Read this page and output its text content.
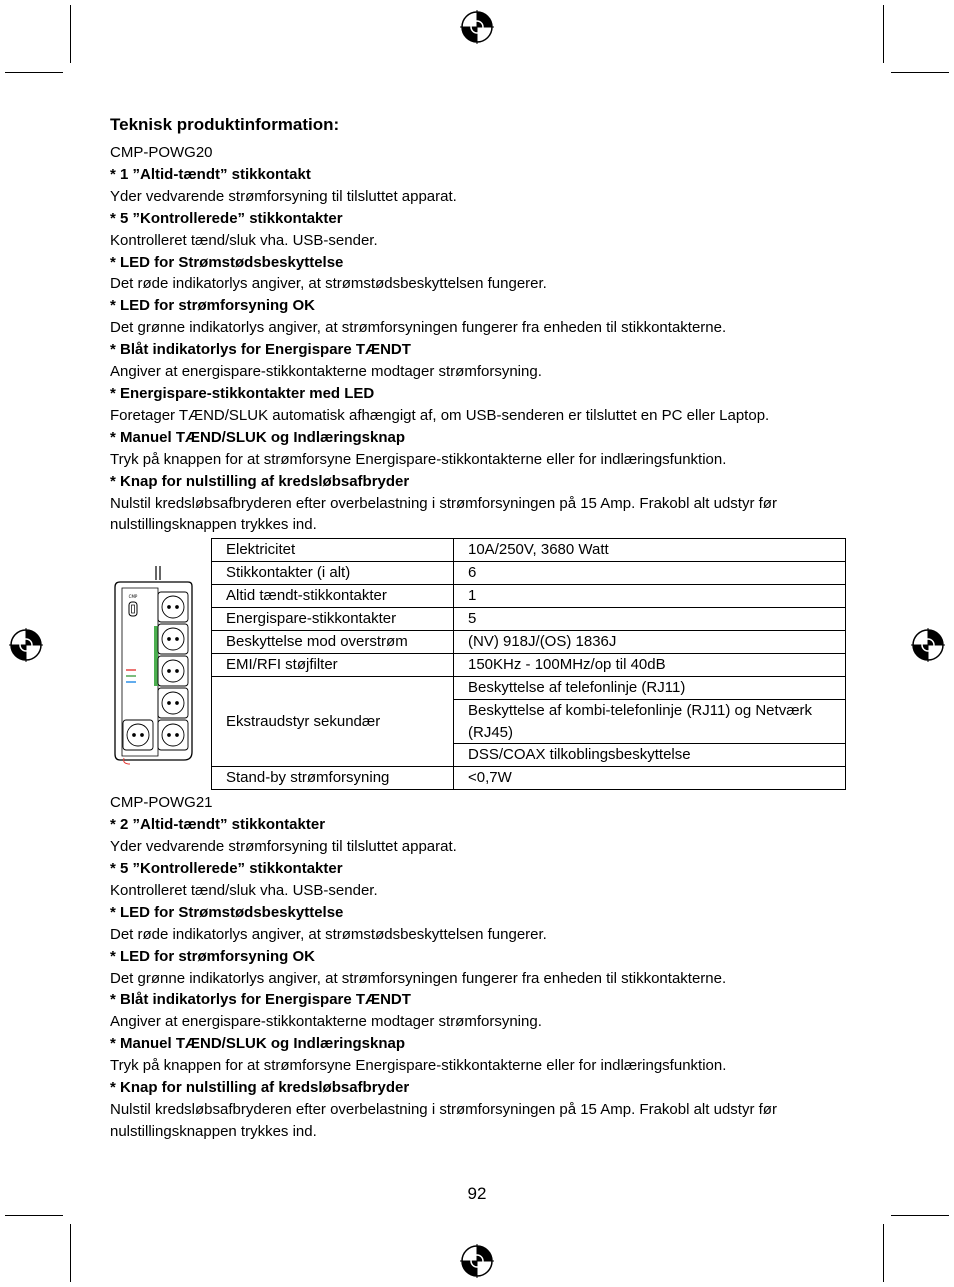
Teknisk produktinformation:
CMP-POWG20
* 1 ”Altid-tændt” stikkontakt
Yder vedvarende strømforsyning til tilsluttet apparat.
* 5 ”Kontrollerede” stikkontakter
Kontrolleret tænd/sluk vha. USB-sender.
* LED for Strømstødsbeskyttelse
Det røde indikatorlys angiver, at strømstødsbeskyttelsen fungerer.
* LED for strømforsyning OK
Det grønne indikatorlys angiver, at strømforsyningen fungerer fra enheden til stikkontakterne.
* Blåt indikatorlys for Energispare TÆNDT
Angiver at energispare-stikkontakterne modtager strømforsyning.
* Energispare-stikkontakter med LED
Foretager TÆND/SLUK automatisk afhængigt af, om USB-senderen er tilsluttet en PC eller Laptop.
* Manuel TÆND/SLUK og Indlæringsknap
Tryk på knappen for at strømforsyne Energispare-stikkontakterne eller for indlæringsfunktion.
* Knap for nulstilling af kredsløbsafbryder
Nulstil kredsløbsafbryderen efter overbelastning i strømforsyningen på 15 Amp. Frakobl alt udstyr før nulstillingsknappen trykkes ind.
CMP
Elektricitet	10A/250V, 3680 Watt
Stikkontakter (i alt)	6
Altid tændt-stikkontakter	1
Energispare-stikkontakter	5
Beskyttelse mod overstrøm	(NV) 918J/(OS) 1836J
EMI/RFI støjfilter	150KHz - 100MHz/op til 40dB
Ekstraudstyr sekundær	Beskyttelse af telefonlinje (RJ11)
	Beskyttelse af kombi-telefonlinje (RJ11) og Netværk (RJ45)
	DSS/COAX tilkoblingsbeskyttelse
Stand-by strømforsyning	<0,7W
CMP-POWG21
* 2 ”Altid-tændt” stikkontakter
Yder vedvarende strømforsyning til tilsluttet apparat.
* 5 ”Kontrollerede” stikkontakter
Kontrolleret tænd/sluk vha. USB-sender.
* LED for Strømstødsbeskyttelse
Det røde indikatorlys angiver, at strømstødsbeskyttelsen fungerer.
* LED for strømforsyning OK
Det grønne indikatorlys angiver, at strømforsyningen fungerer fra enheden til stikkontakterne.
* Blåt indikatorlys for Energispare TÆNDT
Angiver at energispare-stikkontakterne modtager strømforsyning.
* Manuel TÆND/SLUK og Indlæringsknap
Tryk på knappen for at strømforsyne Energispare-stikkontakterne eller for indlæringsfunktion.
* Knap for nulstilling af kredsløbsafbryder
Nulstil kredsløbsafbryderen efter overbelastning i strømforsyningen på 15 Amp. Frakobl alt udstyr før nulstillingsknappen trykkes ind.
92
